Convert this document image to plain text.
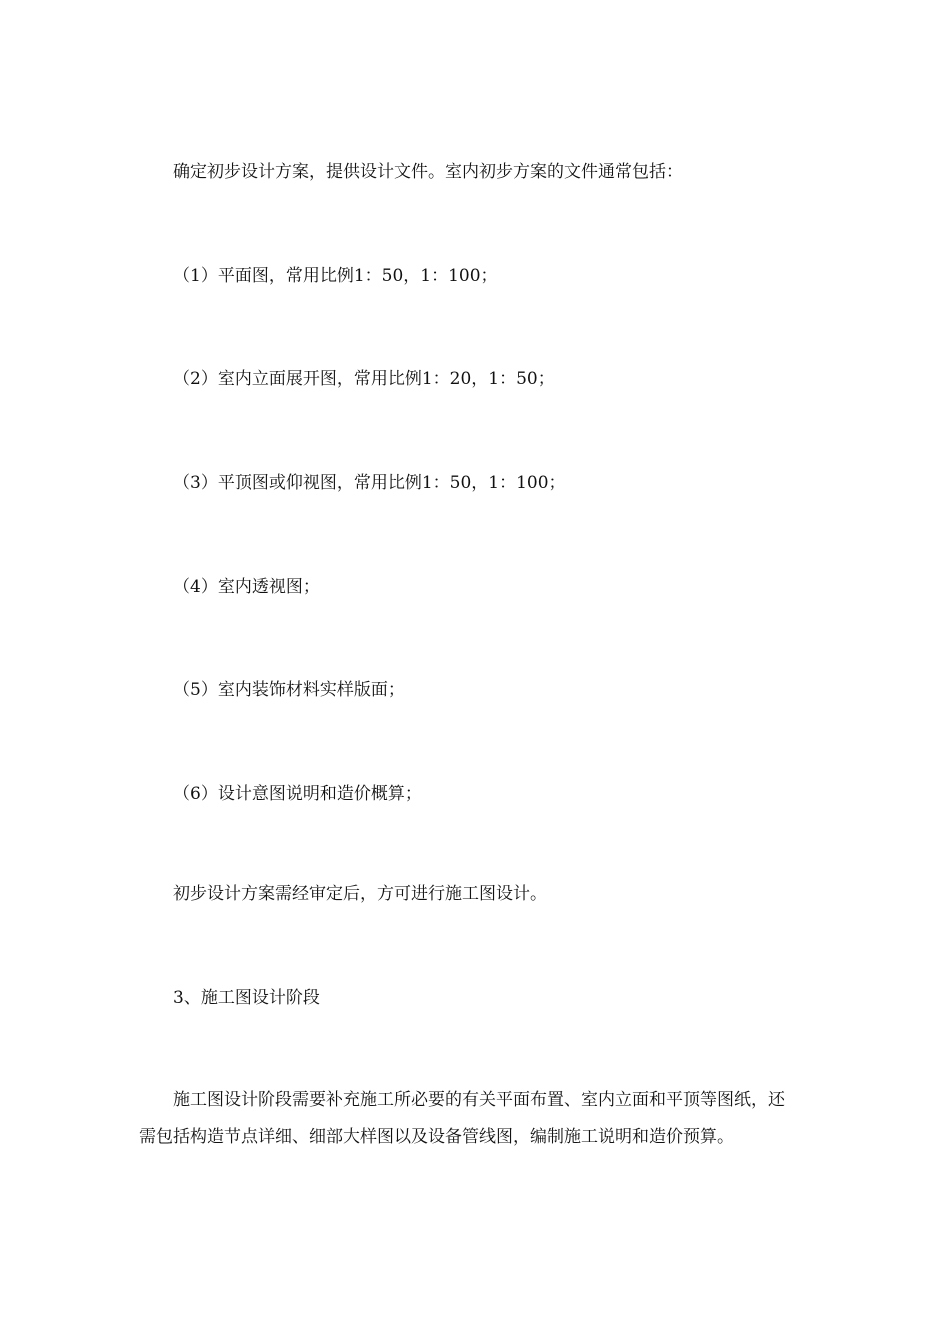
确定初步设计方案，提供设计文件。室内初步方案的文件通常包括：

（1）平面图，常用比例1：50，1：100；

（2）室内立面展开图，常用比例1：20，1：50；

（3）平顶图或仰视图，常用比例1：50，1：100；

（4）室内透视图；

（5）室内装饰材料实样版面；

（6）设计意图说明和造价概算；

初步设计方案需经审定后，方可进行施工图设计。

3、施工图设计阶段

施工图设计阶段需要补充施工所必要的有关平面布置、室内立面和平顶等图纸，还需包括构造节点详细、细部大样图以及设备管线图，编制施工说明和造价预算。
